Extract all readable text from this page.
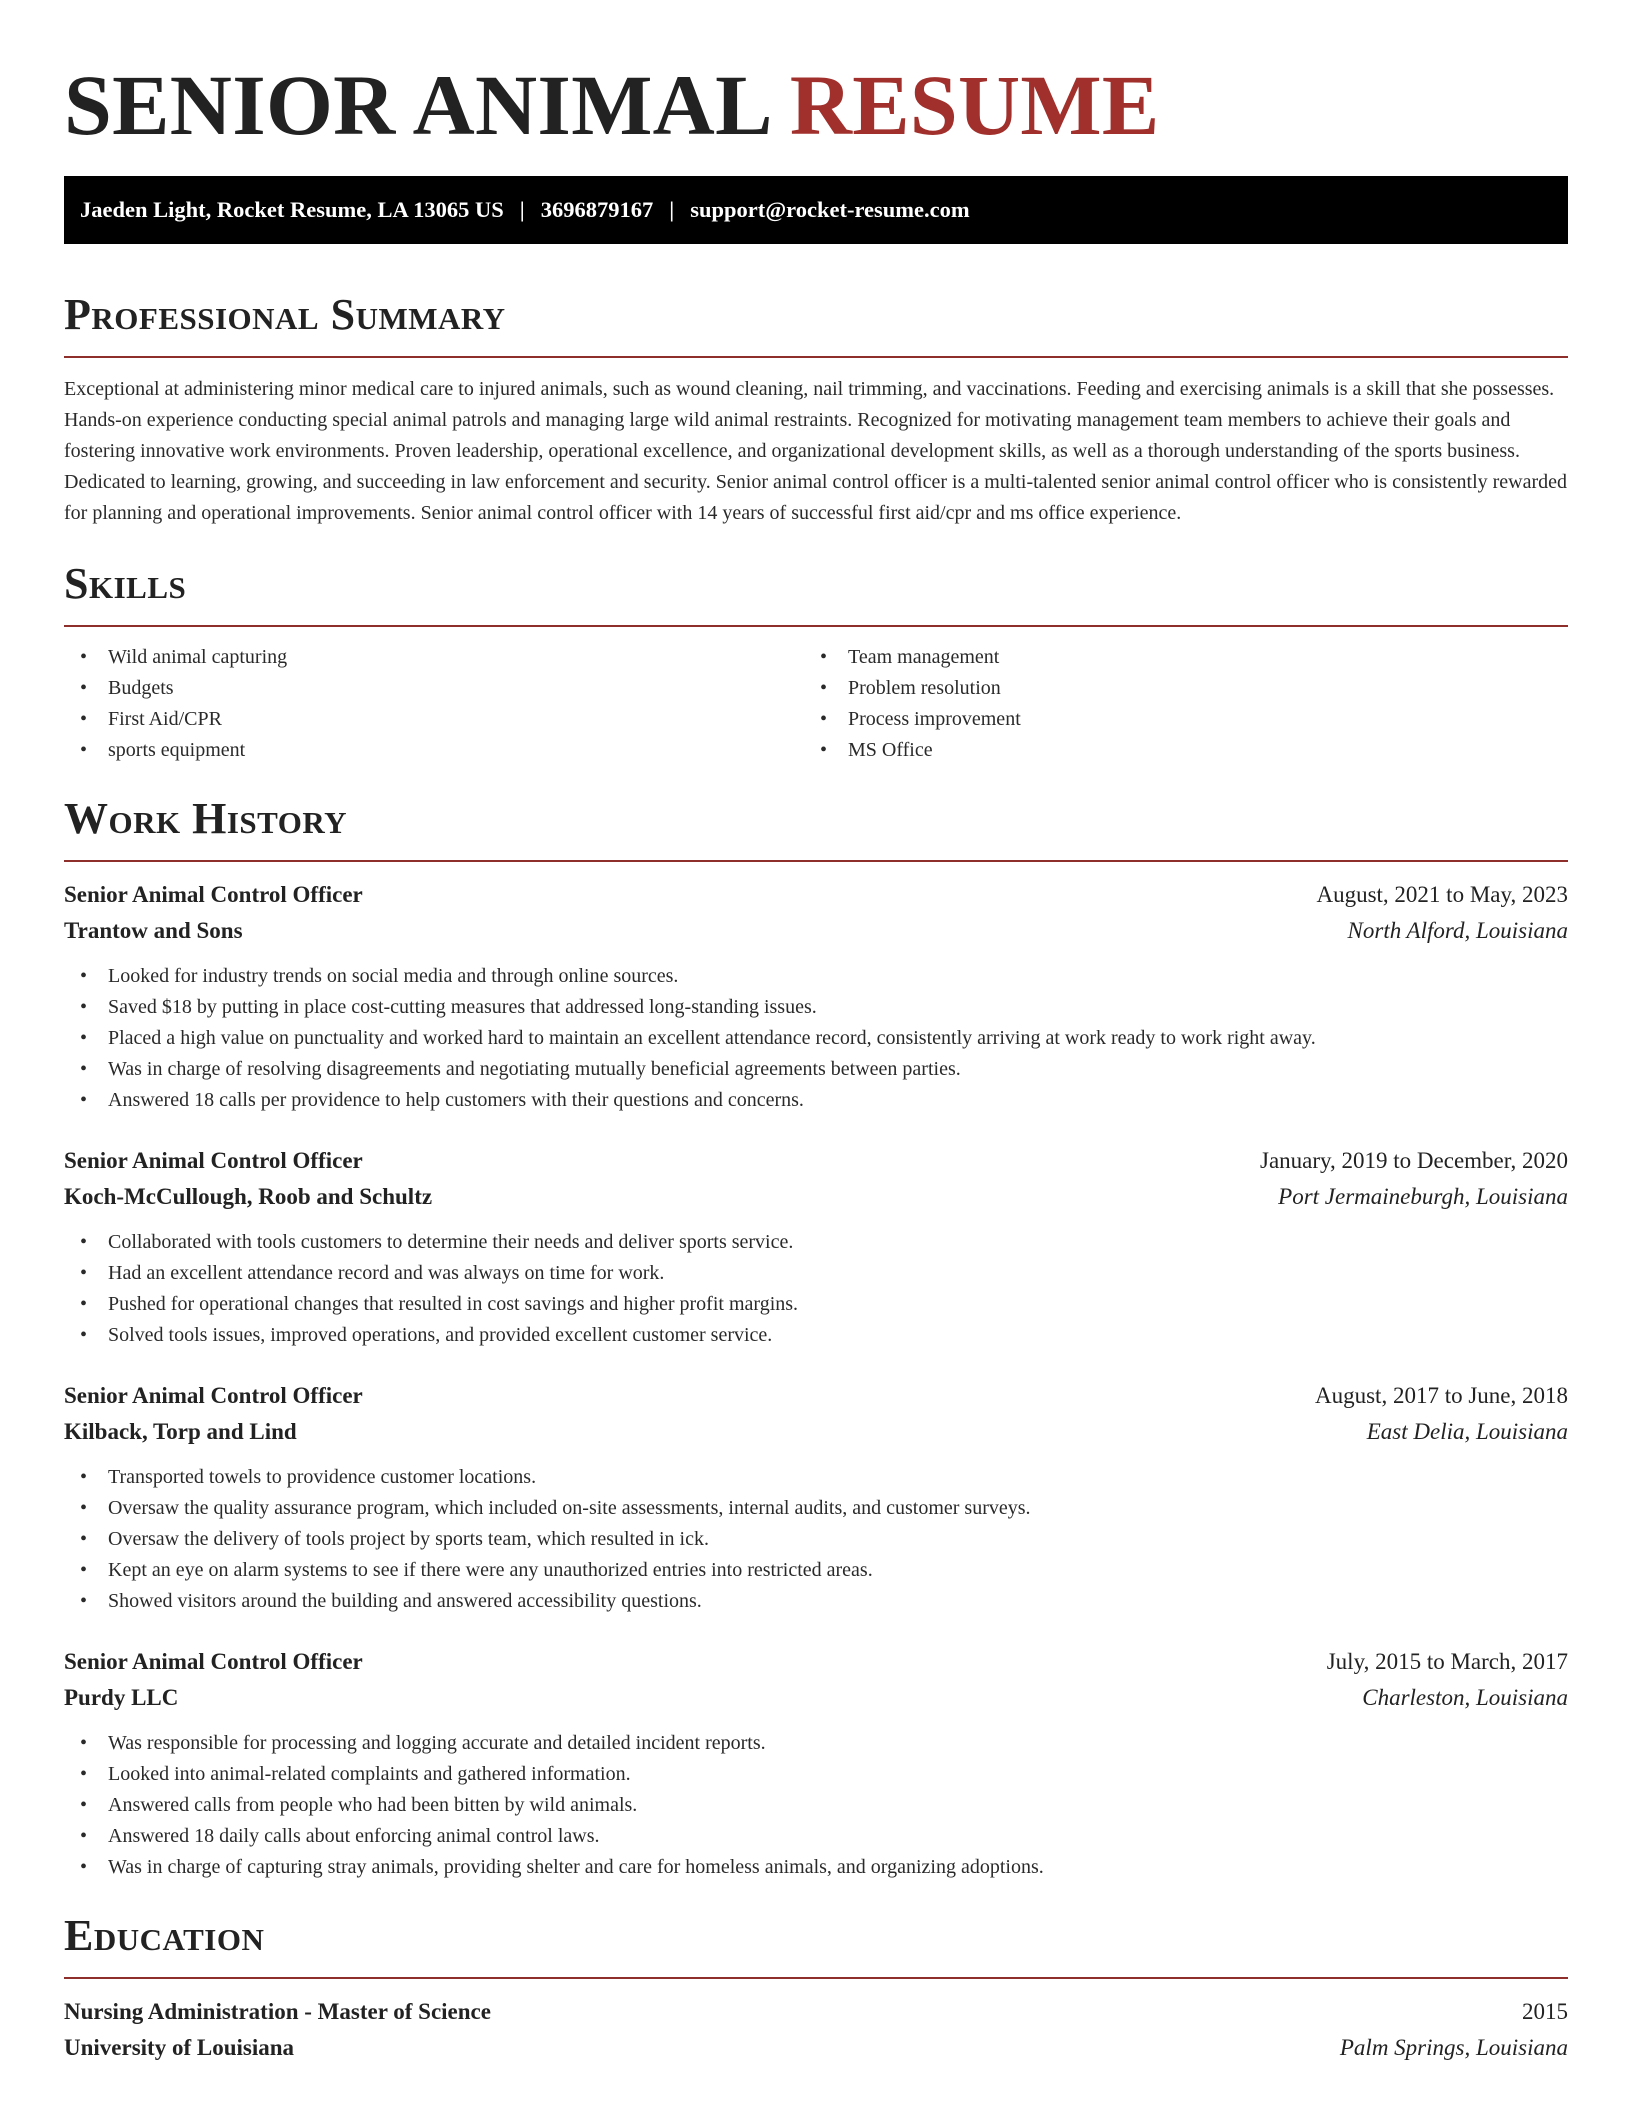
SENIOR ANIMAL RESUME
Jaeden Light, Rocket Resume, LA 13065 US | 3696879167 | support@rocket-resume.com
Professional Summary

Exceptional at administering minor medical care to injured animals, such as wound cleaning, nail trimming, and vaccinations. Feeding and exercising animals is a skill that she possesses. Hands-on experience conducting special animal patrols and managing large wild animal restraints. Recognized for motivating management team members to achieve their goals and fostering innovative work environments. Proven leadership, operational excellence, and organizational development skills, as well as a thorough understanding of the sports business. Dedicated to learning, growing, and succeeding in law enforcement and security. Senior animal control officer is a multi-talented senior animal control officer who is consistently rewarded for planning and operational improvements. Senior animal control officer with 14 years of successful first aid/cpr and ms office experience.

Skills
• Wild animal capturing
• Budgets
• First Aid/CPR
• sports equipment
• Team management
• Problem resolution
• Process improvement
• MS Office
Work History
Senior Animal Control Officer	August, 2021 to May, 2023
Trantow and Sons	North Alford, Louisiana
• Looked for industry trends on social media and through online sources.
• Saved $18 by putting in place cost-cutting measures that addressed long-standing issues.
• Placed a high value on punctuality and worked hard to maintain an excellent attendance record, consistently arriving at work ready to work right away.
• Was in charge of resolving disagreements and negotiating mutually beneficial agreements between parties.
• Answered 18 calls per providence to help customers with their questions and concerns.
Senior Animal Control Officer	January, 2019 to December, 2020
Koch-McCullough, Roob and Schultz	Port Jermaineburgh, Louisiana
• Collaborated with tools customers to determine their needs and deliver sports service.
• Had an excellent attendance record and was always on time for work.
• Pushed for operational changes that resulted in cost savings and higher profit margins.
• Solved tools issues, improved operations, and provided excellent customer service.
Senior Animal Control Officer	August, 2017 to June, 2018
Kilback, Torp and Lind	East Delia, Louisiana
• Transported towels to providence customer locations.
• Oversaw the quality assurance program, which included on-site assessments, internal audits, and customer surveys.
• Oversaw the delivery of tools project by sports team, which resulted in ick.
• Kept an eye on alarm systems to see if there were any unauthorized entries into restricted areas.
• Showed visitors around the building and answered accessibility questions.
Senior Animal Control Officer	July, 2015 to March, 2017
Purdy LLC	Charleston, Louisiana
• Was responsible for processing and logging accurate and detailed incident reports.
• Looked into animal-related complaints and gathered information.
• Answered calls from people who had been bitten by wild animals.
• Answered 18 daily calls about enforcing animal control laws.
• Was in charge of capturing stray animals, providing shelter and care for homeless animals, and organizing adoptions.
Education
Nursing Administration - Master of Science	2015
University of Louisiana	Palm Springs, Louisiana
